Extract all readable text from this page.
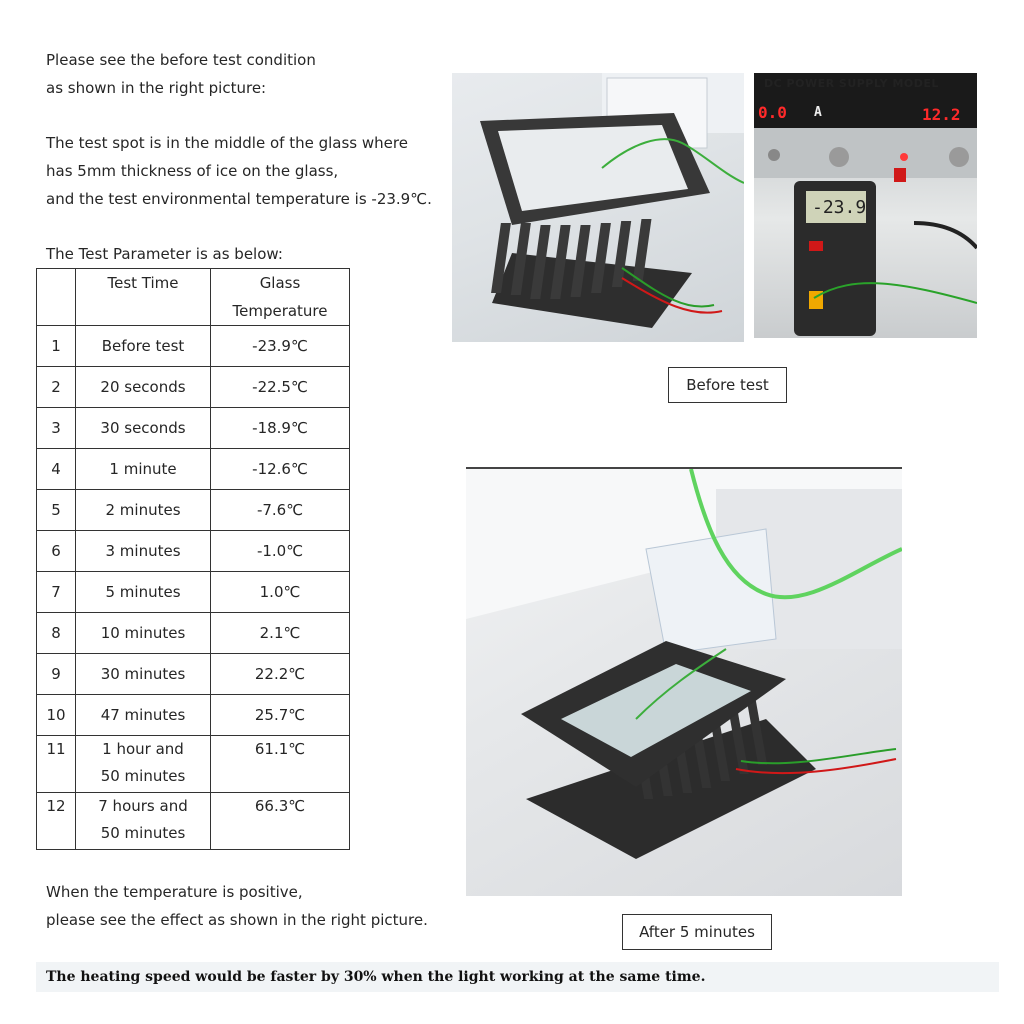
Please see the before test condition
as shown in the right picture:
The test spot is in the middle of the glass where
has 5mm thickness of ice on the glass,
and the test environmental temperature is -23.9℃.
The Test Parameter is as below:
	Test Time	Glass Temperature

1	Before test	-23.9℃
2	20 seconds	-22.5℃
3	30 seconds	-18.9℃
4	1 minute	-12.6℃
5	2 minutes	-7.6℃
6	3 minutes	-1.0℃
7	5 minutes	1.0℃
8	10 minutes	2.1℃
9	30 minutes	22.2℃
10	47 minutes	25.7℃
11	1 hour and 50 minutes	61.1℃
12	7 hours and 50 minutes	66.3℃
When the temperature is positive,
please see the effect as shown in the right picture.
DC POWER SUPPLY MODEL
0.0 A	12.2
-23.9
Before test
After 5 minutes
The heating speed would be faster by 30% when the light working at the same time.
